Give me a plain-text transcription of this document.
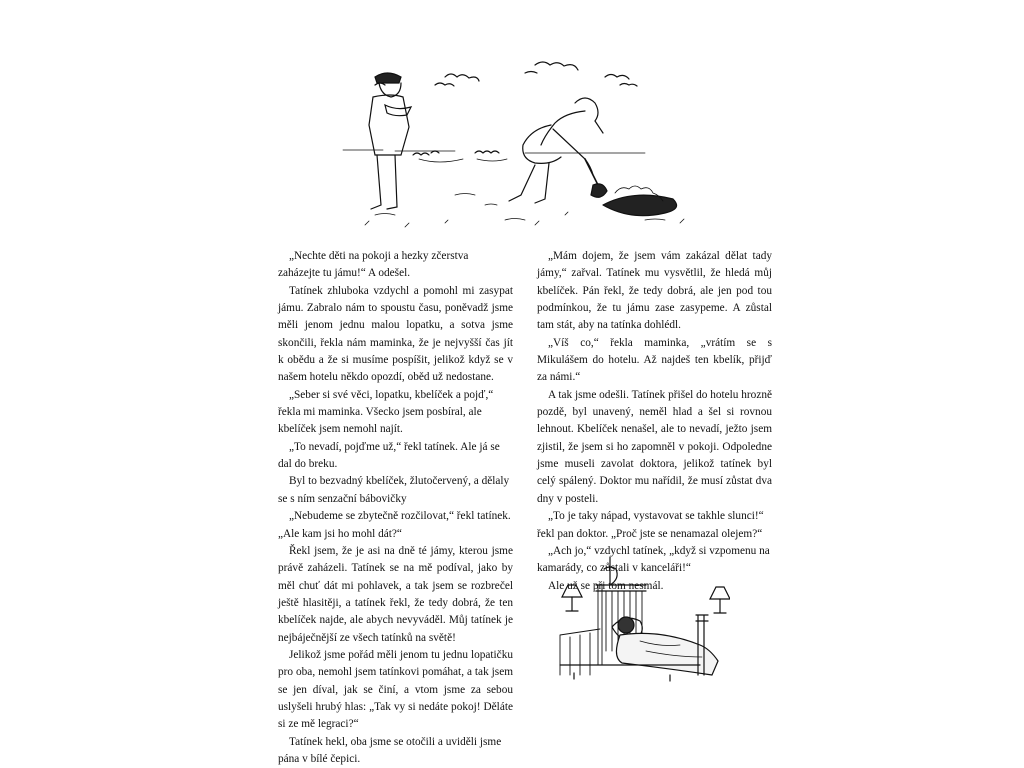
„Nechte děti na pokoji a hezky zčerstva zaházejte tu jámu!“ A odešel.

Tatínek zhluboka vzdychl a pomohl mi zasypat jámu. Zabralo nám to spoustu času, poněvadž jsme měli jenom jednu malou lopatku, a sotva jsme skončili, řekla nám maminka, že je nejvyšší čas jít k obědu a že si musíme pospíšit, jelikož když se v našem hotelu někdo opozdí, oběd už nedostane.

„Seber si své věci, lopatku, kbelíček a pojď,“ řekla mi maminka. Všecko jsem posbíral, ale kbelíček jsem nemohl najít.

„To nevadí, pojďme už,“ řekl tatínek. Ale já se dal do breku.

Byl to bezvadný kbelíček, žlutočervený, a dělaly se s ním senzační bábovičky

„Nebudeme se zbytečně rozčilovat,“ řekl tatínek. „Ale kam jsi ho mohl dát?“

Řekl jsem, že je asi na dně té jámy, kterou jsme právě zaházeli. Tatínek se na mě podíval, jako by měl chuť dát mi pohlavek, a tak jsem se rozbrečel ještě hlasitěji, a tatínek řekl, že tedy dobrá, že ten kbelíček najde, ale abych nevyváděl. Můj tatínek je nejbáječnější ze všech tatínků na světě!

Jelikož jsme pořád měli jenom tu jednu lopatičku pro oba, nemohl jsem tatínkovi pomáhat, a tak jsem se jen díval, jak se činí, a vtom jsme za sebou uslyšeli hrubý hlas: „Tak vy si nedáte pokoj! Děláte si ze mě legraci?“

Tatínek hekl, oba jsme se otočili a uviděli jsme pána v bílé čepici.

„Mám dojem, že jsem vám zakázal dělat tady jámy,“ zařval. Tatínek mu vysvětlil, že hledá můj kbelíček. Pán řekl, že tedy dobrá, ale jen pod tou podmínkou, že tu jámu zase zasypeme. A zůstal tam stát, aby na tatínka dohlédl.

„Víš co,“ řekla maminka, „vrátím se s Mikulášem do hotelu. Až najdeš ten kbelík, přijď za námi.“

A tak jsme odešli. Tatínek přišel do hotelu hrozně pozdě, byl unavený, neměl hlad a šel si rovnou lehnout. Kbelíček nenašel, ale to nevadí, ježto jsem zjistil, že jsem si ho zapomněl v pokoji. Odpoledne jsme museli zavolat doktora, jelikož tatínek byl celý spálený. Doktor mu nařídil, že musí zůstat dva dny v posteli.

„To je taky nápad, vystavovat se takhle slunci!“ řekl pan doktor. „Proč jste se nenamazal olejem?“

„Ach jo,“ vzdychl tatínek, „když si vzpomenu na kamarády, co zůstali v kanceláři!“

Ale už se při tom nesmál.
